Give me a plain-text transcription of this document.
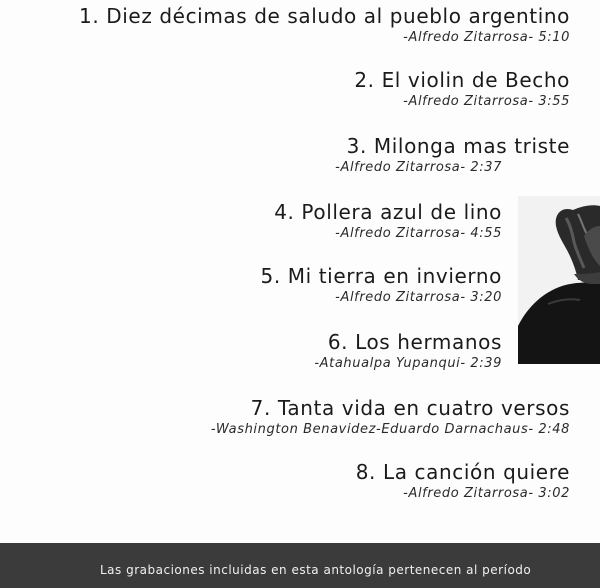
1. Diez décimas de saludo al pueblo argentino
-Alfredo Zitarrosa- 5:10
2. El violin de Becho
-Alfredo Zitarrosa- 3:55
3. Milonga mas triste
-Alfredo Zitarrosa- 2:37
4. Pollera azul de lino
-Alfredo Zitarrosa- 4:55
5. Mi tierra en invierno
-Alfredo Zitarrosa- 3:20
6. Los hermanos
-Atahualpa Yupanqui- 2:39
7. Tanta vida en cuatro versos
-Washington Benavidez-Eduardo Darnachaus- 2:48
8. La canción quiere
-Alfredo Zitarrosa- 3:02
Las grabaciones incluidas en esta antología pertenecen al período
